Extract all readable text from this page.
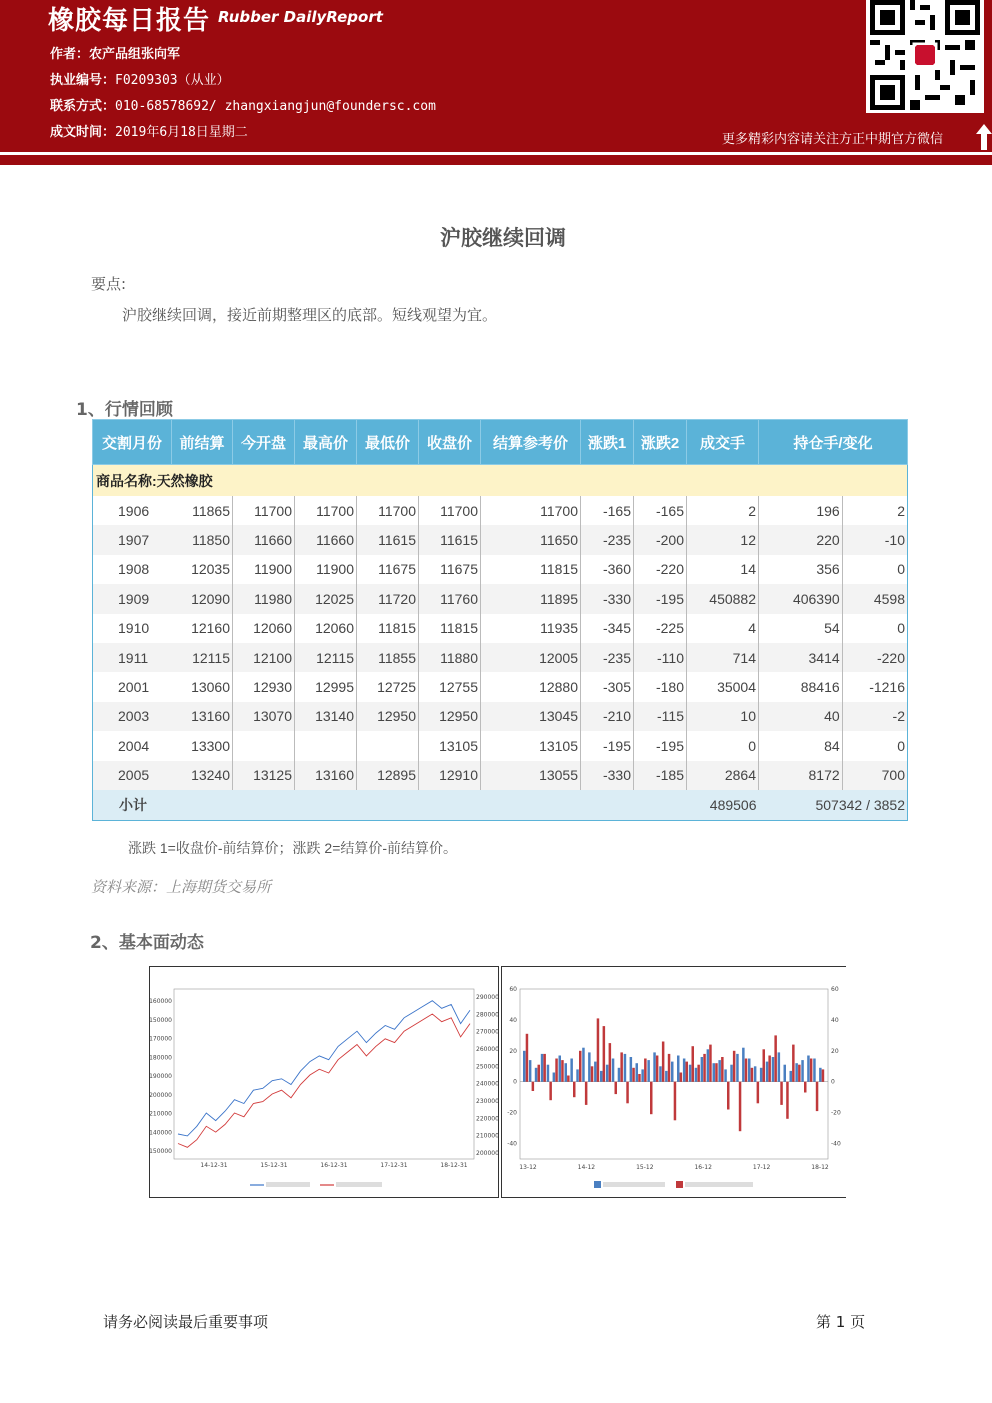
橡胶每日报告 Rubber DailyReport
作者：农产品组张向军
执业编号：F0209303（从业）
联系方式：010-68578692/ zhangxiangjun@foundersc.com
成文时间：2019年6月18日星期二	更多精彩内容请关注方正中期官方微信
沪胶继续回调
要点:
沪胶继续回调，接近前期整理区的底部。短线观望为宜。
1、行情回顾
交割月份	前结算	今开盘	最高价	最低价	收盘价	结算参考价	涨跌1	涨跌2	成交手	持仓手/变化	
商品名称:天然橡胶											
1906	11865	11700	11700	11700	11700	11700	-165	-165	2	196	2
1907	11850	11660	11660	11615	11615	11650	-235	-200	12	220	-10
1908	12035	11900	11900	11675	11675	11815	-360	-220	14	356	0
1909	12090	11980	12025	11720	11760	11895	-330	-195	450882	406390	4598
1910	12160	12060	12060	11815	11815	11935	-345	-225	4	54	0
1911	12115	12100	12115	11855	11880	12005	-235	-110	714	3414	-220
2001	13060	12930	12995	12725	12755	12880	-305	-180	35004	88416	-1216
2003	13160	13070	13140	12950	12950	13045	-210	-115	10	40	-2
2004	13300				13105	13105	-195	-195	0	84	0
2005	13240	13125	13160	12895	12910	13055	-330	-185	2864	8172	700
小计									489506	507342 / 3852	
涨跌 1=收盘价-前结算价；涨跌 2=结算价-前结算价。
资料来源：上海期货交易所
2、基本面动态
160000
150000
170000
180000
190000
200000
210000
140000
150000
290000
280000
270000
260000
250000
240000
230000
220000
210000
200000
14-12-31	15-12-31	16-12-31	17-12-31	18-12-31
60	60
40	40
20	20
0	0
-20	-20
-40	-40
13-12	14-12	15-12	16-12	17-12	18-12
请务必阅读最后重要事项	第 1 页
